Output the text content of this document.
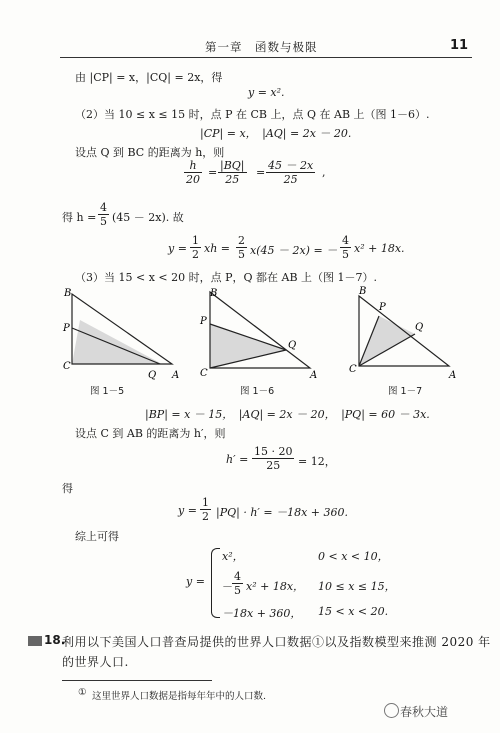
第一章　函数与极限	11
由 |CP| = x，|CQ| = 2x，得
y = x².
（2）当 10 ≤ x ≤ 15 时，点 P 在 CB 上，点 Q 在 AB 上（图 1－6）.
|CP| = x，　|AQ| = 2x － 20.
设点 Q 到 BC 的距离为 h，则
$\frac{h}{20} = \frac{|BQ|}{25} = \frac{45 - 2x}{25}$ ,
得 $h = \frac{4}{5} (45 - 2x)$. 故
$y = \frac{1}{2}$ xh = $\frac{2}{5} x(45 - 2x)$ = － $\frac{4}{5} x^2 + 18x$.
（3）当 15 < x < 20 时，点 P，Q 都在 AB 上（图 1－7）.
B
P
C
Q A
图 1－5
B
P
Q
C	A
图 1－6
B
P
Q
C
A
图 1－7
|BP| = x － 15，　|AQ| = 2x － 20，　|PQ| = 60 － 3x.
设点 C 到 AB 的距离为 h′，则
$h' = \frac{15 \cdot 20}{25} = 12$，
得
$y = \frac{1}{2} |PQ| \cdot h' = -18x + 360$.
综上可得
y =
x²，	0 < x < 10，
－ $\frac{4}{5} x^2 + 18x$， 10 ≤ x ≤ 15，
－18x + 360， 15 < x < 20.
18.
利用以下美国人口普查局提供的世界人口数据①以及指数模型来推测 2020 年
的世界人口.
① 这里世界人口数据是指每年年中的人口数.
春秋大道
